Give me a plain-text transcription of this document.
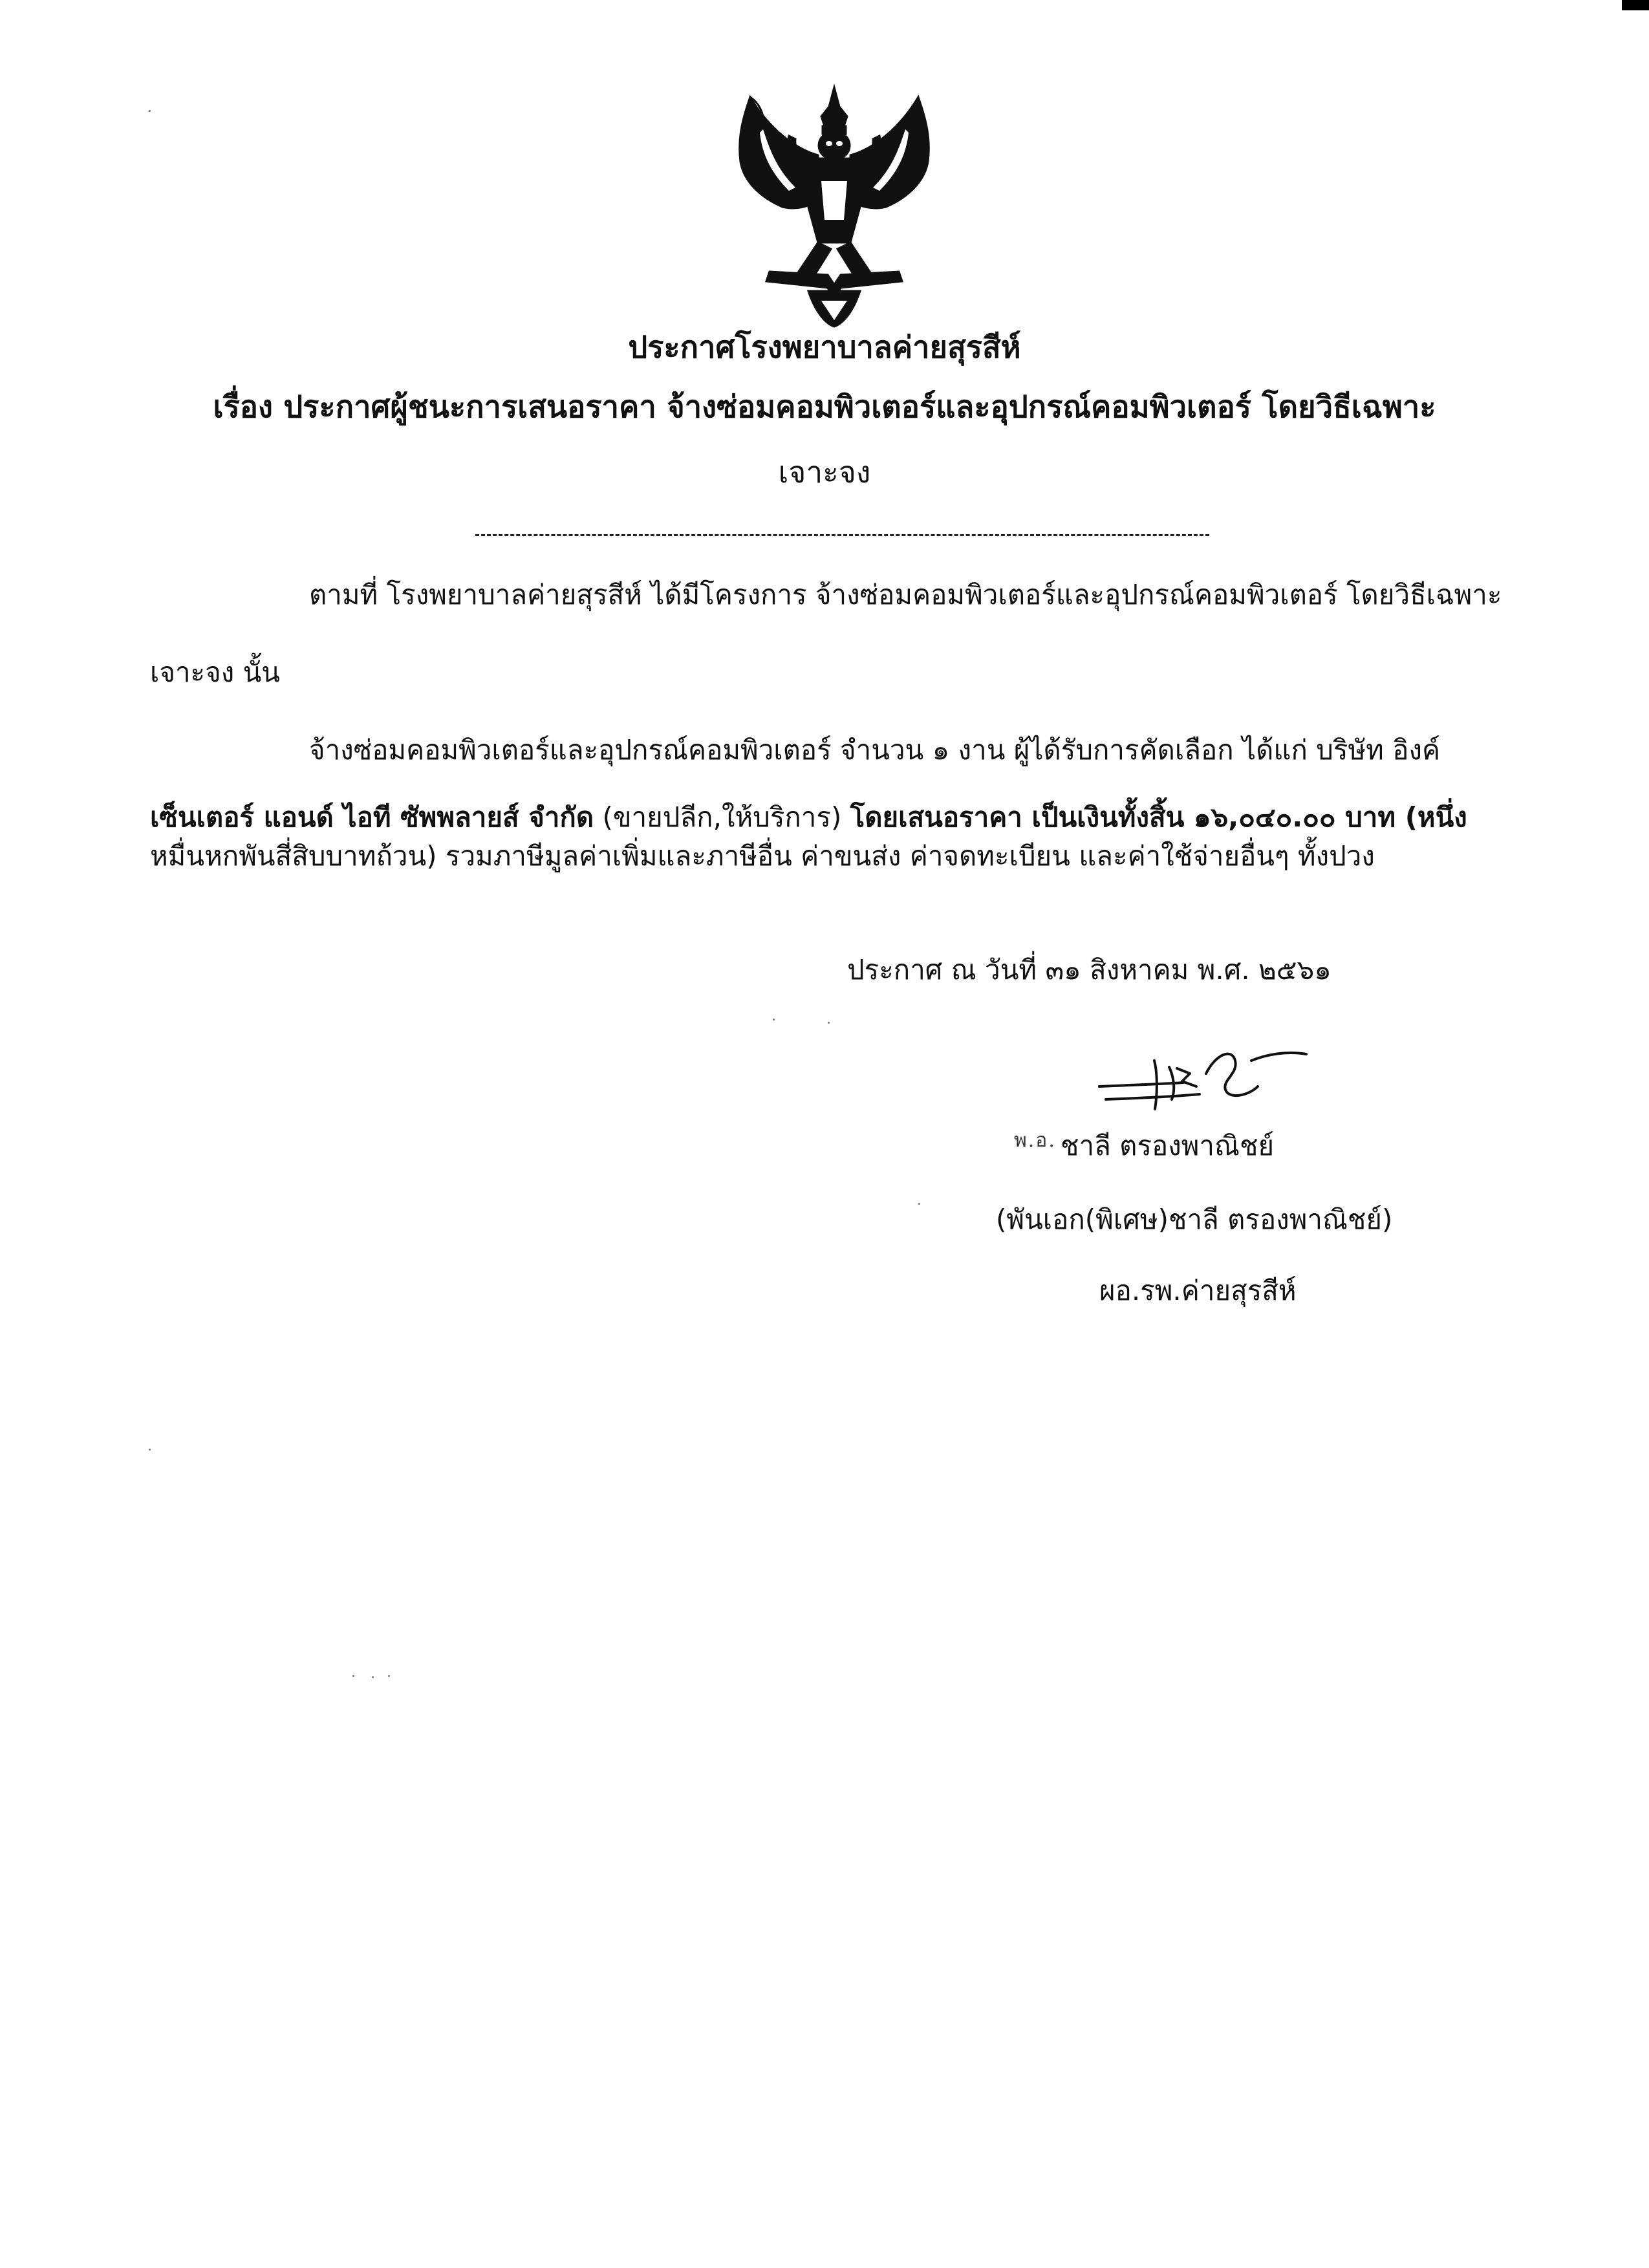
ประกาศโรงพยาบาลค่ายสุรสีห์
เรื่อง ประกาศผู้ชนะการเสนอราคา จ้างซ่อมคอมพิวเตอร์และอุปกรณ์คอมพิวเตอร์ โดยวิธีเฉพาะ
เจาะจง
ตามที่ โรงพยาบาลค่ายสุรสีห์ ได้มีโครงการ จ้างซ่อมคอมพิวเตอร์และอุปกรณ์คอมพิวเตอร์ โดยวิธีเฉพาะ
เจาะจง นั้น
จ้างซ่อมคอมพิวเตอร์และอุปกรณ์คอมพิวเตอร์ จำนวน ๑ งาน ผู้ได้รับการคัดเลือก ได้แก่ บริษัท อิงค์
เซ็นเตอร์ แอนด์ ไอที ซัพพลายส์ จำกัด (ขายปลีก,ให้บริการ) โดยเสนอราคา เป็นเงินทั้งสิ้น ๑๖,๐๔๐.๐๐ บาท (หนึ่ง
หมื่นหกพันสี่สิบบาทถ้วน) รวมภาษีมูลค่าเพิ่มและภาษีอื่น ค่าขนส่ง ค่าจดทะเบียน และค่าใช้จ่ายอื่นๆ ทั้งปวง
ประกาศ ณ วันที่ ๓๑ สิงหาคม พ.ศ. ๒๕๖๑
พ.อ. ชาลี ตรองพาณิชย์
(พันเอก(พิเศษ)ชาลี ตรองพาณิชย์)
ผอ.รพ.ค่ายสุรสีห์
